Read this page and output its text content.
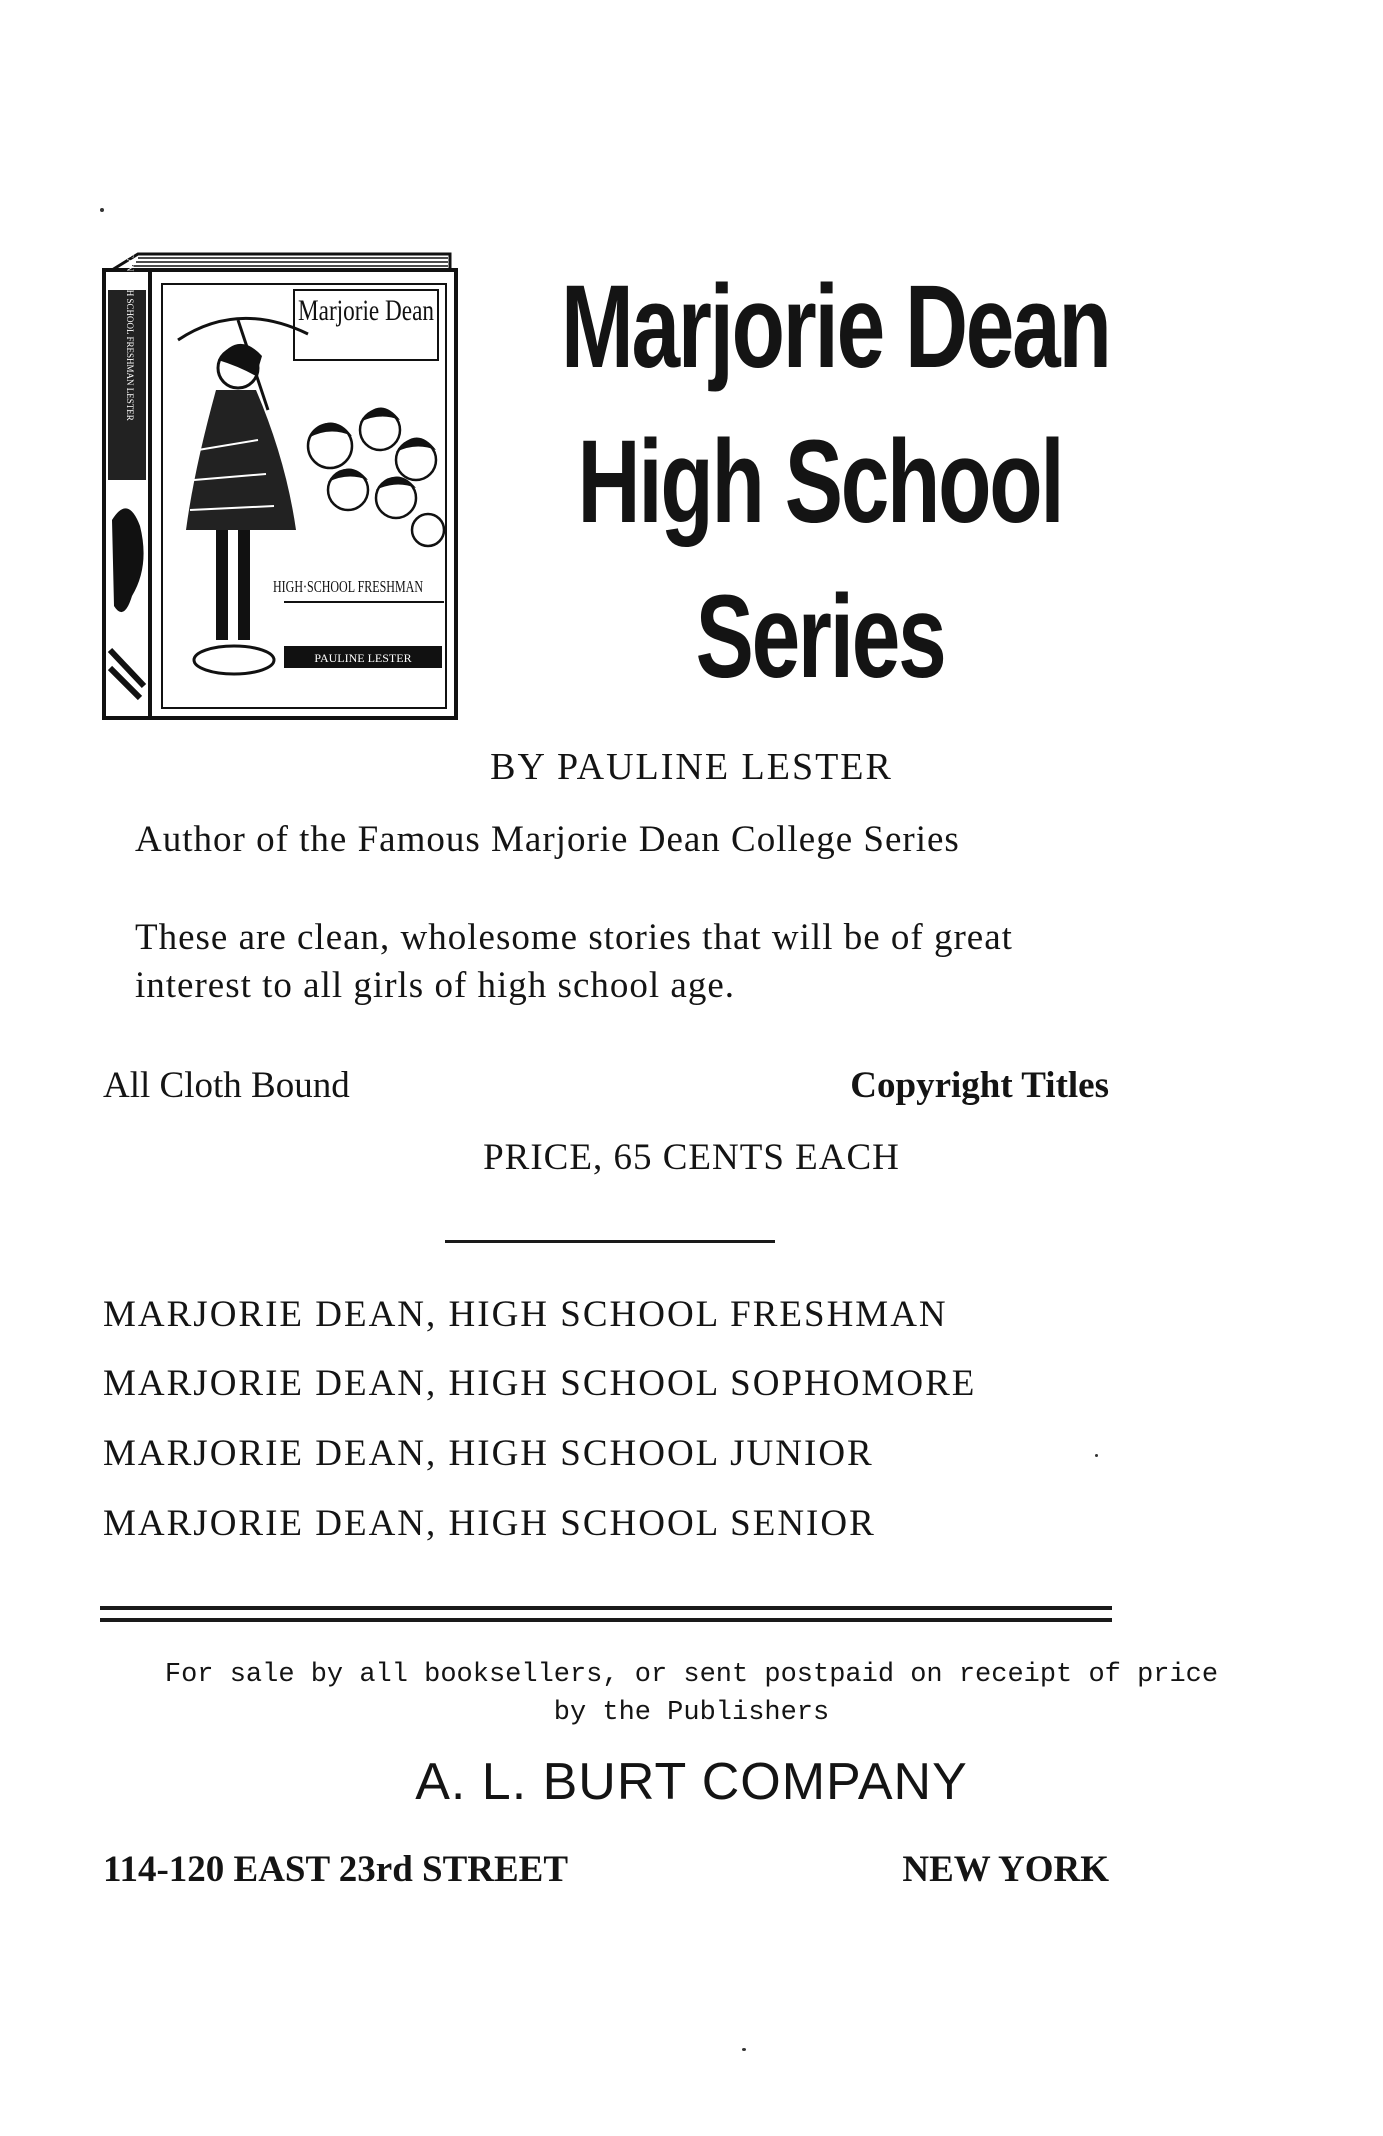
MARJORIE DEAN HIGH SCHOOL FRESHMAN LESTER	Marjorie Dean
HIGH·SCHOOL FRESHMAN
PAULINE LESTER
Marjorie Dean
High School
Series
BY PAULINE LESTER
Author of the Famous Marjorie Dean College Series
These are clean, wholesome stories that will be of great
interest to all girls of high school age.
All Cloth Bound	Copyright Titles
PRICE, 65 CENTS EACH
MARJORIE DEAN, HIGH SCHOOL FRESHMAN
MARJORIE DEAN, HIGH SCHOOL SOPHOMORE
MARJORIE DEAN, HIGH SCHOOL JUNIOR
MARJORIE DEAN, HIGH SCHOOL SENIOR
For sale by all booksellers, or sent postpaid on receipt of price
by the Publishers
A. L. BURT COMPANY
114-120 EAST 23rd STREET	NEW YORK
